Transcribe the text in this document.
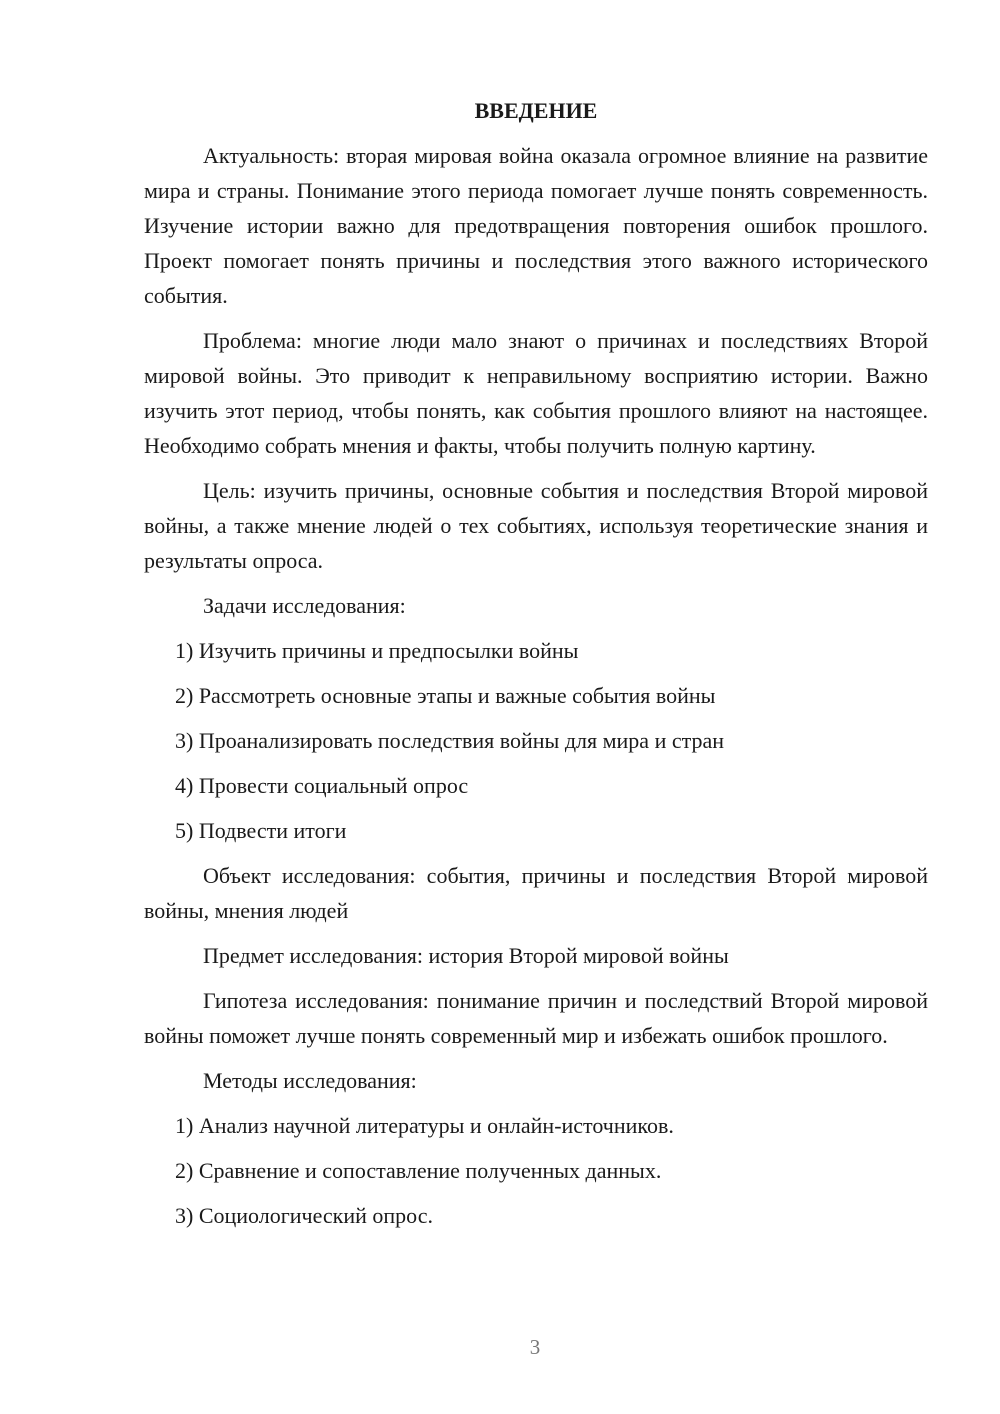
ВВЕДЕНИЕ

Актуальность: вторая мировая война оказала огромное влияние на развитие мира и страны. Понимание этого периода помогает лучше понять современность. Изучение истории важно для предотвращения повторения ошибок прошлого. Проект помогает понять причины и последствия этого важного исторического события.

Проблема: многие люди мало знают о причинах и последствиях Второй мировой войны. Это приводит к неправильному восприятию истории. Важно изучить этот период, чтобы понять, как события прошлого влияют на настоящее. Необходимо собрать мнения и факты, чтобы получить полную картину.

Цель: изучить причины, основные события и последствия Второй мировой войны, а также мнение людей о тех событиях, используя теоретические знания и результаты опроса.

Задачи исследования:

1) Изучить причины и предпосылки войны
2) Рассмотреть основные этапы и важные события войны
3) Проанализировать последствия войны для мира и стран
4) Провести социальный опрос
5) Подвести итоги

Объект исследования: события, причины и последствия Второй мировой войны, мнения людей

Предмет исследования: история Второй мировой войны

Гипотеза исследования: понимание причин и последствий Второй мировой войны поможет лучше понять современный мир и избежать ошибок прошлого.

Методы исследования:

1) Анализ научной литературы и онлайн-источников.
2) Сравнение и сопоставление полученных данных.
3) Социологический опрос.
3
